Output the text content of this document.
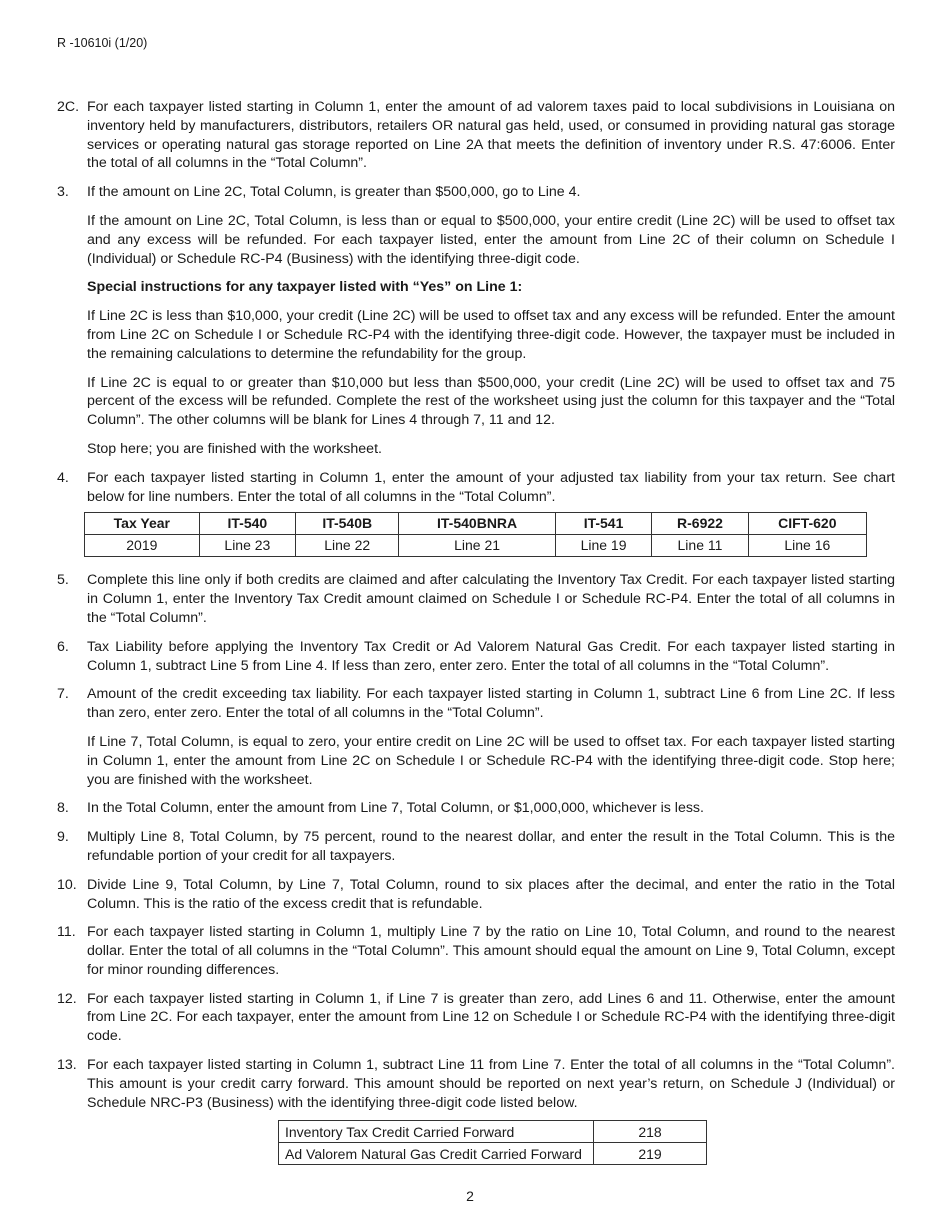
R -10610i (1/20)
2C. For each taxpayer listed starting in Column 1, enter the amount of ad valorem taxes paid to local subdivisions in Louisiana on inventory held by manufacturers, distributors, retailers OR natural gas held, used, or consumed in providing natural gas storage services or operating natural gas storage reported on Line 2A that meets the definition of inventory under R.S. 47:6006. Enter the total of all columns in the “Total Column”.

3.	If the amount on Line 2C, Total Column, is greater than $500,000, go to Line 4.

If the amount on Line 2C, Total Column, is less than or equal to $500,000, your entire credit (Line 2C) will be used to offset tax and any excess will be refunded. For each taxpayer listed, enter the amount from Line 2C of their column on Schedule I (Individual) or Schedule RC-P4 (Business) with the identifying three-digit code.

Special instructions for any taxpayer listed with “Yes” on Line 1:

If Line 2C is less than $10,000, your credit (Line 2C) will be used to offset tax and any excess will be refunded. Enter the amount from Line 2C on Schedule I or Schedule RC-P4 with the identifying three-digit code. However, the taxpayer must be included in the remaining calculations to determine the refundability for the group.

If Line 2C is equal to or greater than $10,000 but less than $500,000, your credit (Line 2C) will be used to offset tax and 75 percent of the excess will be refunded. Complete the rest of the worksheet using just the column for this taxpayer and the “Total Column”. The other columns will be blank for Lines 4 through 7, 11 and 12.

Stop here; you are finished with the worksheet.

4.	For each taxpayer listed starting in Column 1, enter the amount of your adjusted tax liability from your tax return. See chart below for line numbers. Enter the total of all columns in the “Total Column”.

Tax Year	IT-540	IT-540B	IT-540BNRA	IT-541	R-6922	CIFT-620
2019	Line 23	Line 22	Line 21	Line 19	Line 11	Line 16
5.	Complete this line only if both credits are claimed and after calculating the Inventory Tax Credit. For each taxpayer listed starting in Column 1, enter the Inventory Tax Credit amount claimed on Schedule I or Schedule RC-P4. Enter the total of all columns in the “Total Column”.

6.	Tax Liability before applying the Inventory Tax Credit or Ad Valorem Natural Gas Credit. For each taxpayer listed starting in Column 1, subtract Line 5 from Line 4. If less than zero, enter zero. Enter the total of all columns in the “Total Column”.

7.	Amount of the credit exceeding tax liability. For each taxpayer listed starting in Column 1, subtract Line 6 from Line 2C. If less than zero, enter zero. Enter the total of all columns in the “Total Column”.

If Line 7, Total Column, is equal to zero, your entire credit on Line 2C will be used to offset tax. For each taxpayer listed starting in Column 1, enter the amount from Line 2C on Schedule I or Schedule RC-P4 with the identifying three-digit code. Stop here; you are finished with the worksheet.

8.	In the Total Column, enter the amount from Line 7, Total Column, or $1,000,000, whichever is less.

9.	Multiply Line 8, Total Column, by 75 percent, round to the nearest dollar, and enter the result in the Total Column. This is the refundable portion of your credit for all taxpayers.

10. Divide Line 9, Total Column, by Line 7, Total Column, round to six places after the decimal, and enter the ratio in the Total Column. This is the ratio of the excess credit that is refundable.

11. For each taxpayer listed starting in Column 1, multiply Line 7 by the ratio on Line 10, Total Column, and round to the nearest dollar. Enter the total of all columns in the “Total Column”. This amount should equal the amount on Line 9, Total Column, except for minor rounding differences.

12. For each taxpayer listed starting in Column 1, if Line 7 is greater than zero, add Lines 6 and 11. Otherwise, enter the amount from Line 2C. For each taxpayer, enter the amount from Line 12 on Schedule I or Schedule RC-P4 with the identifying three-digit code.

13. For each taxpayer listed starting in Column 1, subtract Line 11 from Line 7. Enter the total of all columns in the “Total Column”. This amount is your credit carry forward. This amount should be reported on next year’s return, on Schedule J (Individual) or Schedule NRC-P3 (Business) with the identifying three-digit code listed below.

Inventory Tax Credit Carried Forward	218
Ad Valorem Natural Gas Credit Carried Forward	219
2
